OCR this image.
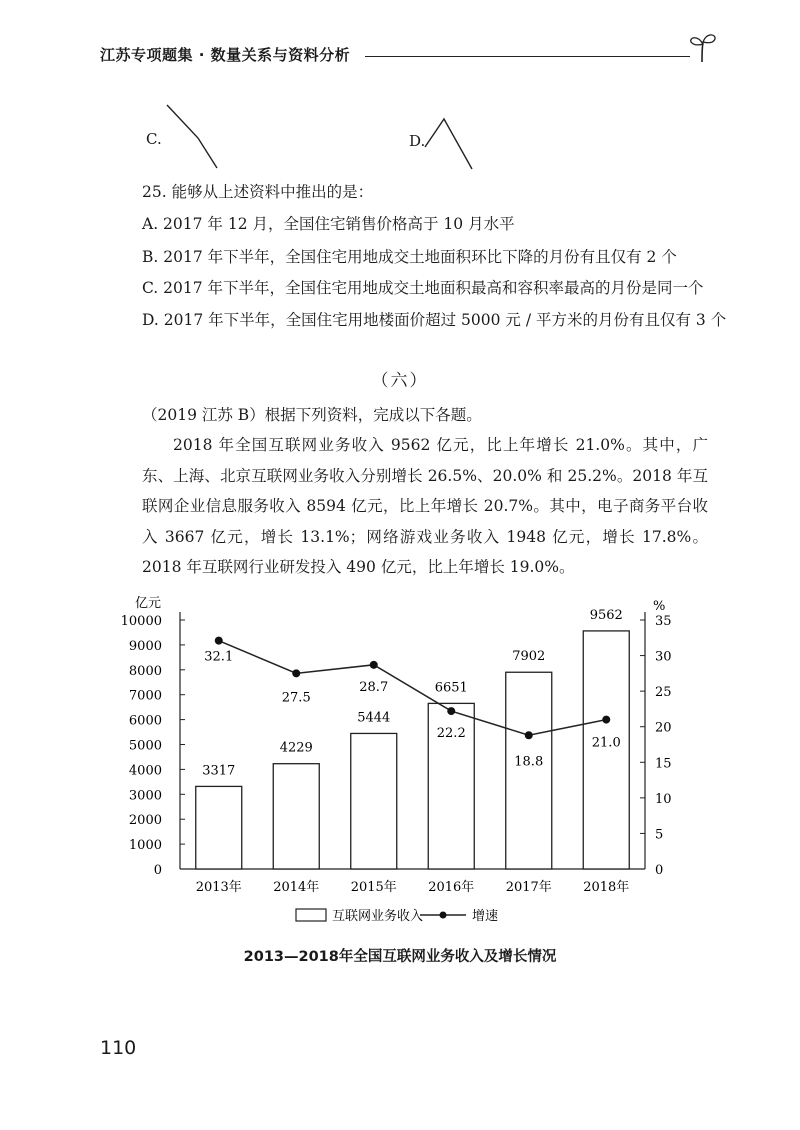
江苏专项题集 · 数量关系与资料分析
C.	D.
25. 能够从上述资料中推出的是：
A. 2017 年 12 月，全国住宅销售价格高于 10 月水平
B. 2017 年下半年，全国住宅用地成交土地面积环比下降的月份有且仅有 2 个
C. 2017 年下半年，全国住宅用地成交土地面积最高和容积率最高的月份是同一个
D. 2017 年下半年，全国住宅用地楼面价超过 5000 元 / 平方米的月份有且仅有 3 个
（六）
（2019 江苏 B）根据下列资料，完成以下各题。
2018 年全国互联网业务收入 9562 亿元，比上年增长 21.0%。其中，广东、上海、北京互联网业务收入分别增长 26.5%、20.0% 和 25.2%。2018 年互联网企业信息服务收入 8594 亿元，比上年增长 20.7%。其中，电子商务平台收入 3667 亿元，增长 13.1%；网络游戏业务收入 1948 亿元，增长 17.8%。2018 年互联网行业研发投入 490 亿元，比上年增长 19.0%。
亿元
0
1000
2000
3000
4000
5000
6000
7000
8000
9000
10000
%
0
5
10
15
20
25
30
35
3317
4229
5444
6651
7902
9562
2013年 2014年 2015年 2016年 2017年 2018年
32.1
27.5
28.7
22.2
18.8
21.0
互联网业务收入	增速
2013—2018年全国互联网业务收入及增长情况
110
